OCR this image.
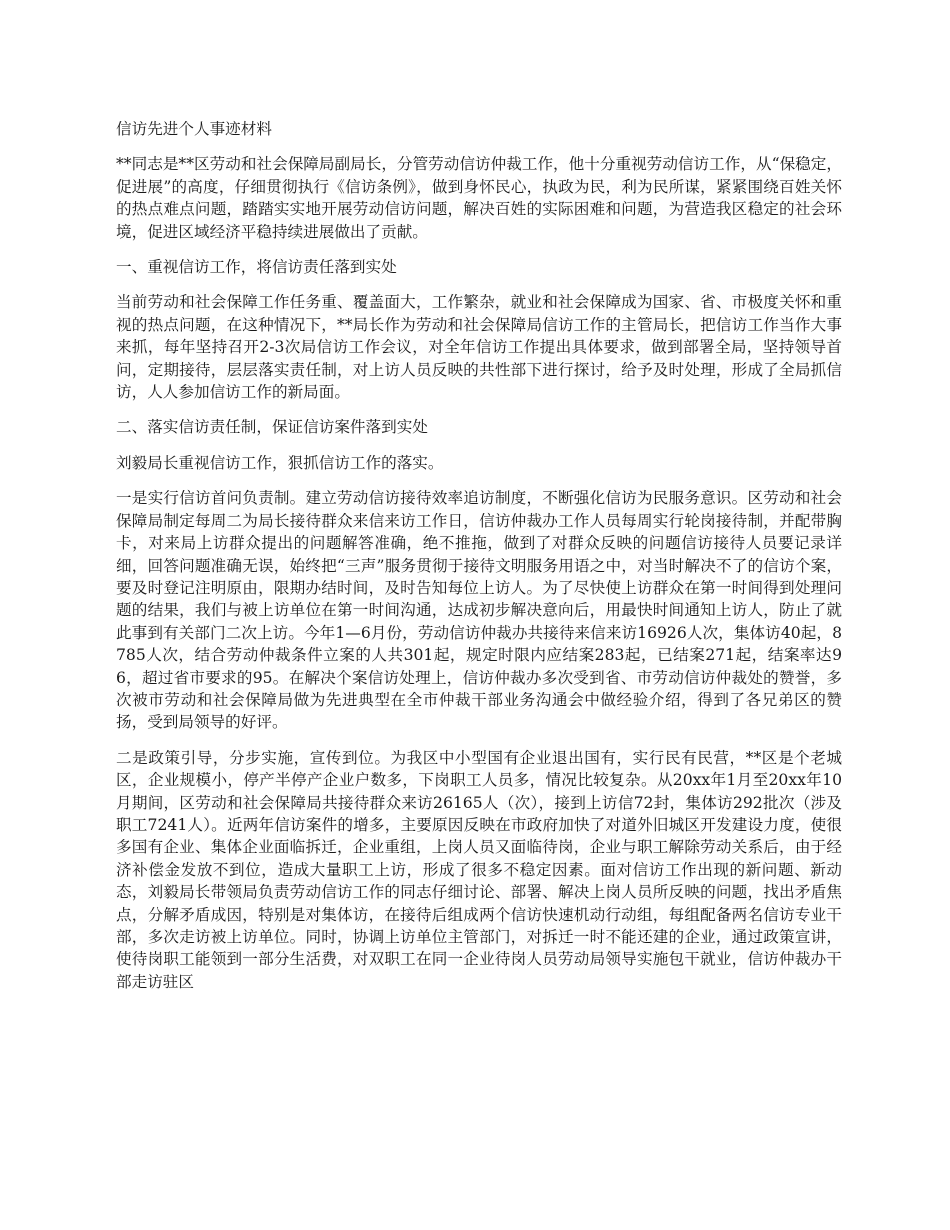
信访先进个人事迹材料

**同志是**区劳动和社会保障局副局长，分管劳动信访仲裁工作，他十分重视劳动信访工作，从“保稳定，促进展”的高度，仔细贯彻执行《信访条例》，做到身怀民心，执政为民，利为民所谋，紧紧围绕百姓关怀的热点难点问题，踏踏实实地开展劳动信访问题，解决百姓的实际困难和问题，为营造我区稳定的社会环境，促进区域经济平稳持续进展做出了贡献。

一、重视信访工作，将信访责任落到实处

当前劳动和社会保障工作任务重、覆盖面大，工作繁杂，就业和社会保障成为国家、省、市极度关怀和重视的热点问题，在这种情况下，**局长作为劳动和社会保障局信访工作的主管局长，把信访工作当作大事来抓，每年坚持召开2-3次局信访工作会议，对全年信访工作提出具体要求，做到部署全局，坚持领导首问，定期接待，层层落实责任制，对上访人员反映的共性部下进行探讨，给予及时处理，形成了全局抓信访，人人参加信访工作的新局面。

二、落实信访责任制，保证信访案件落到实处

刘毅局长重视信访工作，狠抓信访工作的落实。

一是实行信访首问负责制。建立劳动信访接待效率追访制度，不断强化信访为民服务意识。区劳动和社会保障局制定每周二为局长接待群众来信来访工作日，信访仲裁办工作人员每周实行轮岗接待制，并配带胸卡，对来局上访群众提出的问题解答准确，绝不推拖，做到了对群众反映的问题信访接待人员要记录详细，回答问题准确无误，始终把“三声”服务贯彻于接待文明服务用语之中，对当时解决不了的信访个案，要及时登记注明原由，限期办结时间，及时告知每位上访人。为了尽快使上访群众在第一时间得到处理问题的结果，我们与被上访单位在第一时间沟通，达成初步解决意向后，用最快时间通知上访人，防止了就此事到有关部门二次上访。今年1—6月份，劳动信访仲裁办共接待来信来访16926人次，集体访40起，8785人次，结合劳动仲裁条件立案的人共301起，规定时限内应结案283起，已结案271起，结案率达96，超过省市要求的95。在解决个案信访处理上，信访仲裁办多次受到省、市劳动信访仲裁处的赞誉，多次被市劳动和社会保障局做为先进典型在全市仲裁干部业务沟通会中做经验介绍，得到了各兄弟区的赞扬，受到局领导的好评。

二是政策引导，分步实施，宣传到位。为我区中小型国有企业退出国有，实行民有民营，**区是个老城区，企业规模小，停产半停产企业户数多，下岗职工人员多，情况比较复杂。从20xx年1月至20xx年10月期间，区劳动和社会保障局共接待群众来访26165人（次），接到上访信72封，集体访292批次（涉及职工7241人）。近两年信访案件的增多，主要原因反映在市政府加快了对道外旧城区开发建设力度，使很多国有企业、集体企业面临拆迁，企业重组，上岗人员又面临待岗，企业与职工解除劳动关系后，由于经济补偿金发放不到位，造成大量职工上访，形成了很多不稳定因素。面对信访工作出现的新问题、新动态，刘毅局长带领局负责劳动信访工作的同志仔细讨论、部署、解决上岗人员所反映的问题，找出矛盾焦点，分解矛盾成因，特别是对集体访，在接待后组成两个信访快速机动行动组，每组配备两名信访专业干部，多次走访被上访单位。同时，协调上访单位主管部门，对拆迁一时不能还建的企业，通过政策宣讲，使待岗职工能领到一部分生活费，对双职工在同一企业待岗人员劳动局领导实施包干就业，信访仲裁办干部走访驻区
